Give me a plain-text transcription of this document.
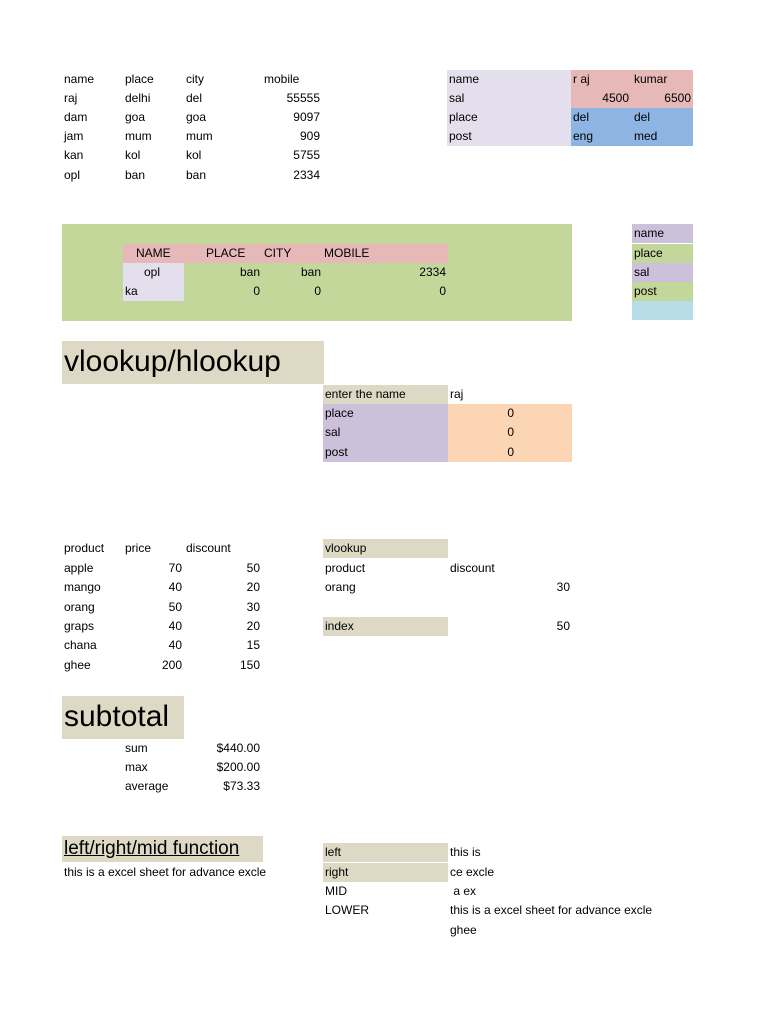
name	place	city	mobile
raj	delhi	del	55555
dam	goa	goa	9097
jam	mum	mum	909
kan	kol	kol	5755
opl	ban	ban	2334
name	r aj	kumar
sal	4500	6500
place	del	del
post	eng	med
NAME	PLACE	CITY	MOBILE
opl	ban	ban	2334
ka	0	0	0
name
place
sal
post
vlookup/hlookup
enter the name	raj
place	0
sal	0
post	0
product	price	discount
apple	70	50
mango	40	20
orang	50	30
graps	40	20
chana	40	15
ghee	200	150
vlookup
product	discount
orang	30
index	50
subtotal
sum	$440.00
max	$200.00
average	$73.33
left/right/mid function
this is a excel sheet for advance excle
left	this is
right	ce excle
MID	a ex
LOWER	this is a excel sheet for advance excle
ghee
